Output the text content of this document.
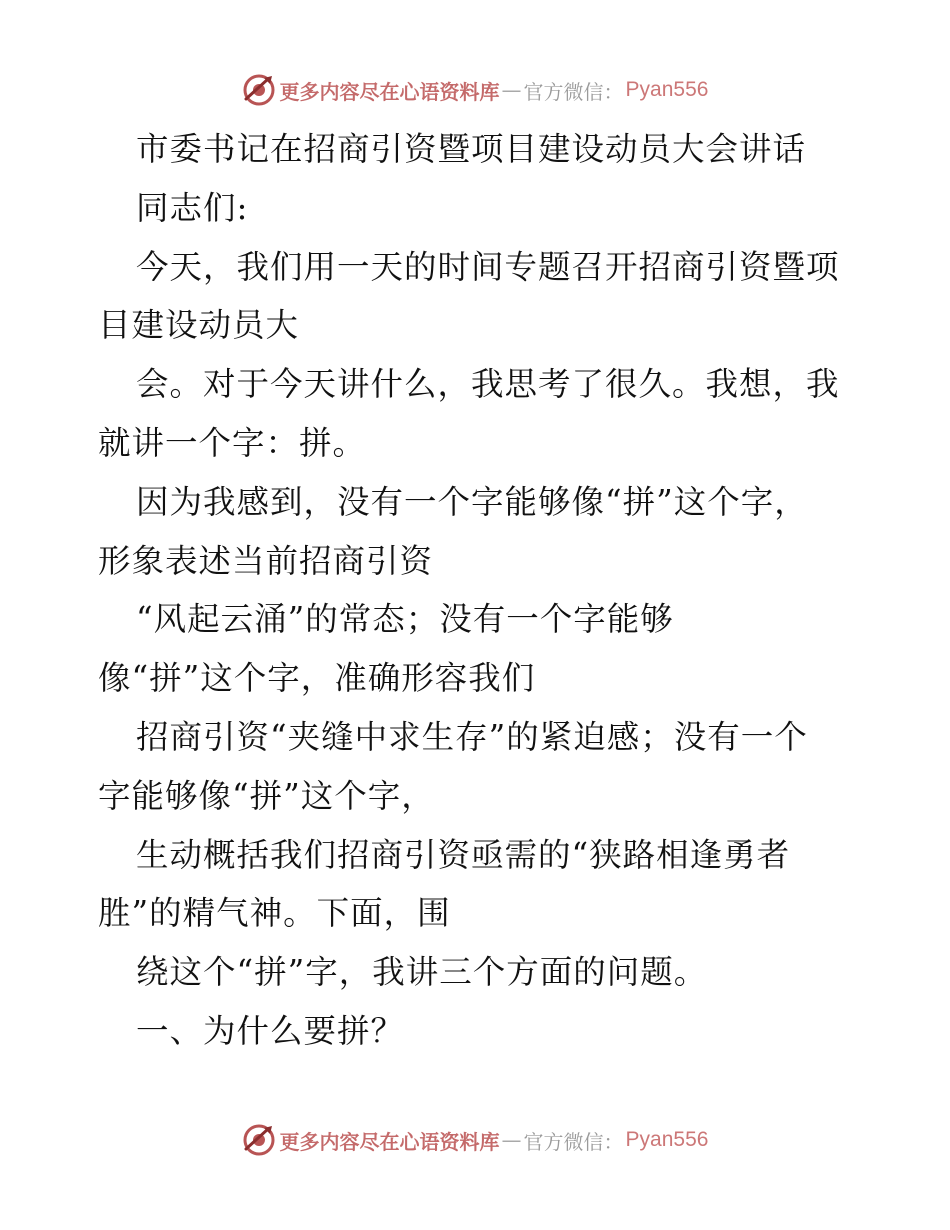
更多内容尽在心语资料库 — 官方微信： Pyan556
市委书记在招商引资暨项目建设动员大会讲话
同志们:
今天，我们用一天的时间专题召开招商引资暨项
目建设动员大
会。对于今天讲什么，我思考了很久。我想，我
就讲一个字：拼。
因为我感到，没有一个字能够像“拼”这个字，
形象表述当前招商引资
“风起云涌”的常态；没有一个字能够
像“拼”这个字，准确形容我们
招商引资“夹缝中求生存”的紧迫感；没有一个
字能够像“拼”这个字，
生动概括我们招商引资亟需的“狭路相逢勇者
胜”的精气神。下面，围
绕这个“拼”字，我讲三个方面的问题。
一、为什么要拼？
更多内容尽在心语资料库 — 官方微信： Pyan556
